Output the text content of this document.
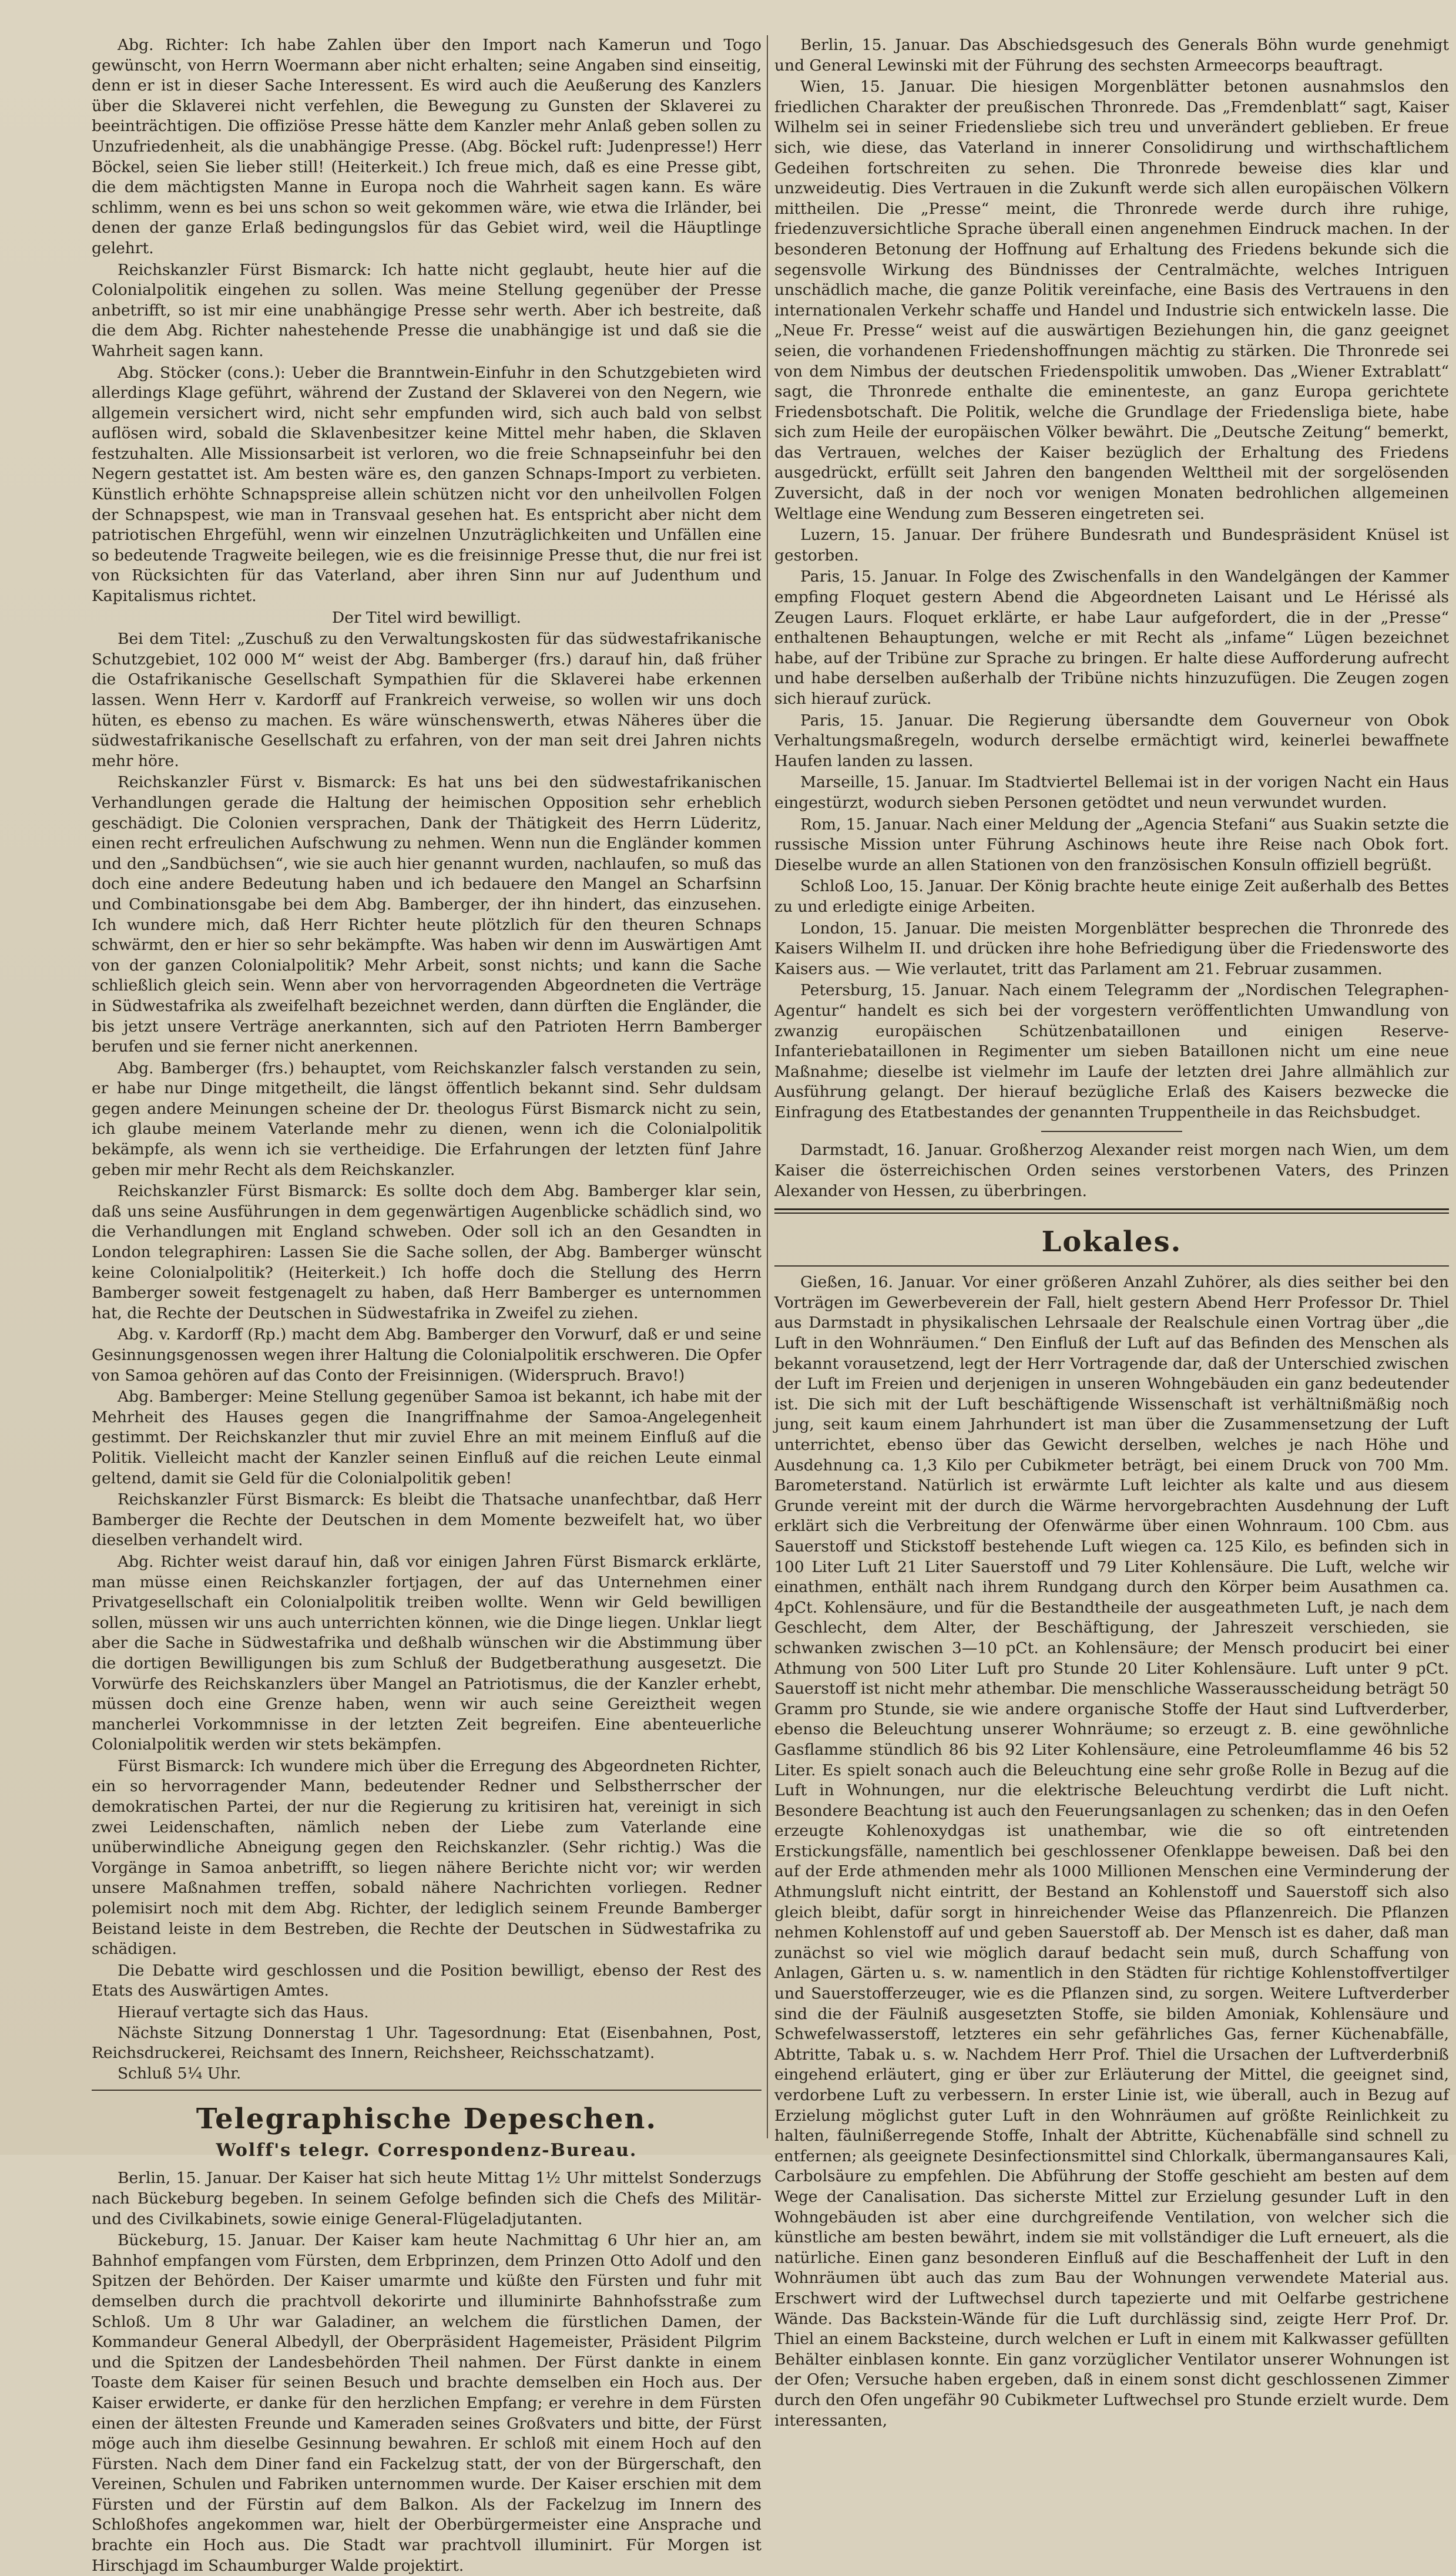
Abg. Richter: Ich habe Zahlen über den Import nach Kamerun und Togo gewünscht, von Herrn Woermann aber nicht erhalten; seine Angaben sind einseitig, denn er ist in dieser Sache Interessent. Es wird auch die Aeußerung des Kanzlers über die Sklaverei nicht verfehlen, die Bewegung zu Gunsten der Sklaverei zu beeinträchtigen. Die offiziöse Presse hätte dem Kanzler mehr Anlaß geben sollen zu Unzufriedenheit, als die unabhängige Presse. (Abg. Böckel ruft: Judenpresse!) Herr Böckel, seien Sie lieber still! (Heiterkeit.) Ich freue mich, daß es eine Presse gibt, die dem mächtigsten Manne in Europa noch die Wahrheit sagen kann. Es wäre schlimm, wenn es bei uns schon so weit gekommen wäre, wie etwa die Irländer, bei denen der ganze Erlaß bedingungslos für das Gebiet wird, weil die Häuptlinge gelehrt.

Reichskanzler Fürst Bismarck: Ich hatte nicht geglaubt, heute hier auf die Colonialpolitik eingehen zu sollen. Was meine Stellung gegenüber der Presse anbetrifft, so ist mir eine unabhängige Presse sehr werth. Aber ich bestreite, daß die dem Abg. Richter nahestehende Presse die unabhängige ist und daß sie die Wahrheit sagen kann.

Abg. Stöcker (cons.): Ueber die Branntwein-Einfuhr in den Schutzgebieten wird allerdings Klage geführt, während der Zustand der Sklaverei von den Negern, wie allgemein versichert wird, nicht sehr empfunden wird, sich auch bald von selbst auflösen wird, sobald die Sklavenbesitzer keine Mittel mehr haben, die Sklaven festzuhalten. Alle Missionsarbeit ist verloren, wo die freie Schnapseinfuhr bei den Negern gestattet ist. Am besten wäre es, den ganzen Schnaps-Import zu verbieten. Künstlich erhöhte Schnapspreise allein schützen nicht vor den unheilvollen Folgen der Schnapspest, wie man in Transvaal gesehen hat. Es entspricht aber nicht dem patriotischen Ehrgefühl, wenn wir einzelnen Unzuträglichkeiten und Unfällen eine so bedeutende Tragweite beilegen, wie es die freisinnige Presse thut, die nur frei ist von Rücksichten für das Vaterland, aber ihren Sinn nur auf Judenthum und Kapitalismus richtet.

Der Titel wird bewilligt.

Bei dem Titel: „Zuschuß zu den Verwaltungskosten für das südwestafrikanische Schutzgebiet, 102 000 M“ weist der Abg. Bamberger (frs.) darauf hin, daß früher die Ostafrikanische Gesellschaft Sympathien für die Sklaverei habe erkennen lassen. Wenn Herr v. Kardorff auf Frankreich verweise, so wollen wir uns doch hüten, es ebenso zu machen. Es wäre wünschenswerth, etwas Näheres über die südwestafrikanische Gesellschaft zu erfahren, von der man seit drei Jahren nichts mehr höre.

Reichskanzler Fürst v. Bismarck: Es hat uns bei den südwestafrikanischen Verhandlungen gerade die Haltung der heimischen Opposition sehr erheblich geschädigt. Die Colonien versprachen, Dank der Thätigkeit des Herrn Lüderitz, einen recht erfreulichen Aufschwung zu nehmen. Wenn nun die Engländer kommen und den „Sandbüchsen“, wie sie auch hier genannt wurden, nachlaufen, so muß das doch eine andere Bedeutung haben und ich bedauere den Mangel an Scharfsinn und Combinationsgabe bei dem Abg. Bamberger, der ihn hindert, das einzusehen. Ich wundere mich, daß Herr Richter heute plötzlich für den theuren Schnaps schwärmt, den er hier so sehr bekämpfte. Was haben wir denn im Auswärtigen Amt von der ganzen Colonialpolitik? Mehr Arbeit, sonst nichts; und kann die Sache schließlich gleich sein. Wenn aber von hervorragenden Abgeordneten die Verträge in Südwestafrika als zweifelhaft bezeichnet werden, dann dürften die Engländer, die bis jetzt unsere Verträge anerkannten, sich auf den Patrioten Herrn Bamberger berufen und sie ferner nicht anerkennen.

Abg. Bamberger (frs.) behauptet, vom Reichskanzler falsch verstanden zu sein, er habe nur Dinge mitgetheilt, die längst öffentlich bekannt sind. Sehr duldsam gegen andere Meinungen scheine der Dr. theologus Fürst Bismarck nicht zu sein, ich glaube meinem Vaterlande mehr zu dienen, wenn ich die Colonialpolitik bekämpfe, als wenn ich sie vertheidige. Die Erfahrungen der letzten fünf Jahre geben mir mehr Recht als dem Reichskanzler.

Reichskanzler Fürst Bismarck: Es sollte doch dem Abg. Bamberger klar sein, daß uns seine Ausführungen in dem gegenwärtigen Augenblicke schädlich sind, wo die Verhandlungen mit England schweben. Oder soll ich an den Gesandten in London telegraphiren: Lassen Sie die Sache sollen, der Abg. Bamberger wünscht keine Colonialpolitik? (Heiterkeit.) Ich hoffe doch die Stellung des Herrn Bamberger soweit festgenagelt zu haben, daß Herr Bamberger es unternommen hat, die Rechte der Deutschen in Südwestafrika in Zweifel zu ziehen.

Abg. v. Kardorff (Rp.) macht dem Abg. Bamberger den Vorwurf, daß er und seine Gesinnungsgenossen wegen ihrer Haltung die Colonialpolitik erschweren. Die Opfer von Samoa gehören auf das Conto der Freisinnigen. (Widerspruch. Bravo!)

Abg. Bamberger: Meine Stellung gegenüber Samoa ist bekannt, ich habe mit der Mehrheit des Hauses gegen die Inangriffnahme der Samoa-Angelegenheit gestimmt. Der Reichskanzler thut mir zuviel Ehre an mit meinem Einfluß auf die Politik. Vielleicht macht der Kanzler seinen Einfluß auf die reichen Leute einmal geltend, damit sie Geld für die Colonialpolitik geben!

Reichskanzler Fürst Bismarck: Es bleibt die Thatsache unanfechtbar, daß Herr Bamberger die Rechte der Deutschen in dem Momente bezweifelt hat, wo über dieselben verhandelt wird.

Abg. Richter weist darauf hin, daß vor einigen Jahren Fürst Bismarck erklärte, man müsse einen Reichskanzler fortjagen, der auf das Unternehmen einer Privatgesellschaft ein Colonialpolitik treiben wollte. Wenn wir Geld bewilligen sollen, müssen wir uns auch unterrichten können, wie die Dinge liegen. Unklar liegt aber die Sache in Südwestafrika und deßhalb wünschen wir die Abstimmung über die dortigen Bewilligungen bis zum Schluß der Budgetberathung ausgesetzt. Die Vorwürfe des Reichskanzlers über Mangel an Patriotismus, die der Kanzler erhebt, müssen doch eine Grenze haben, wenn wir auch seine Gereiztheit wegen mancherlei Vorkommnisse in der letzten Zeit begreifen. Eine abenteuerliche Colonialpolitik werden wir stets bekämpfen.

Fürst Bismarck: Ich wundere mich über die Erregung des Abgeordneten Richter, ein so hervorragender Mann, bedeutender Redner und Selbstherrscher der demokratischen Partei, der nur die Regierung zu kritisiren hat, vereinigt in sich zwei Leidenschaften, nämlich neben der Liebe zum Vaterlande eine unüberwindliche Abneigung gegen den Reichskanzler. (Sehr richtig.) Was die Vorgänge in Samoa anbetrifft, so liegen nähere Berichte nicht vor; wir werden unsere Maßnahmen treffen, sobald nähere Nachrichten vorliegen. Redner polemisirt noch mit dem Abg. Richter, der lediglich seinem Freunde Bamberger Beistand leiste in dem Bestreben, die Rechte der Deutschen in Südwestafrika zu schädigen.

Die Debatte wird geschlossen und die Position bewilligt, ebenso der Rest des Etats des Auswärtigen Amtes.

Hierauf vertagte sich das Haus.

Nächste Sitzung Donnerstag 1 Uhr. Tagesordnung: Etat (Eisenbahnen, Post, Reichsdruckerei, Reichsamt des Innern, Reichsheer, Reichsschatzamt).

Schluß 5¼ Uhr.

Telegraphische Depeschen.
Wolff's telegr. Correspondenz-Bureau.

Berlin, 15. Januar. Der Kaiser hat sich heute Mittag 1½ Uhr mittelst Sonderzugs nach Bückeburg begeben. In seinem Gefolge befinden sich die Chefs des Militär- und des Civilkabinets, sowie einige General-Flügeladjutanten.

Bückeburg, 15. Januar. Der Kaiser kam heute Nachmittag 6 Uhr hier an, am Bahnhof empfangen vom Fürsten, dem Erbprinzen, dem Prinzen Otto Adolf und den Spitzen der Behörden. Der Kaiser umarmte und küßte den Fürsten und fuhr mit demselben durch die prachtvoll dekorirte und illuminirte Bahnhofsstraße zum Schloß. Um 8 Uhr war Galadiner, an welchem die fürstlichen Damen, der Kommandeur General Albedyll, der Oberpräsident Hagemeister, Präsident Pilgrim und die Spitzen der Landesbehörden Theil nahmen. Der Fürst dankte in einem Toaste dem Kaiser für seinen Besuch und brachte demselben ein Hoch aus. Der Kaiser erwiderte, er danke für den herzlichen Empfang; er verehre in dem Fürsten einen der ältesten Freunde und Kameraden seines Großvaters und bitte, der Fürst möge auch ihm dieselbe Gesinnung bewahren. Er schloß mit einem Hoch auf den Fürsten. Nach dem Diner fand ein Fackelzug statt, der von der Bürgerschaft, den Vereinen, Schulen und Fabriken unternommen wurde. Der Kaiser erschien mit dem Fürsten und der Fürstin auf dem Balkon. Als der Fackelzug im Innern des Schloßhofes angekommen war, hielt der Oberbürgermeister eine Ansprache und brachte ein Hoch aus. Die Stadt war prachtvoll illuminirt. Für Morgen ist Hirschjagd im Schaumburger Walde projektirt.

Berlin, 15. Januar. Das Abschiedsgesuch des Generals Böhn wurde genehmigt und General Lewinski mit der Führung des sechsten Armeecorps beauftragt.

Wien, 15. Januar. Die hiesigen Morgenblätter betonen ausnahmslos den friedlichen Charakter der preußischen Thronrede. Das „Fremdenblatt“ sagt, Kaiser Wilhelm sei in seiner Friedensliebe sich treu und unverändert geblieben. Er freue sich, wie diese, das Vaterland in innerer Consolidirung und wirthschaftlichem Gedeihen fortschreiten zu sehen. Die Thronrede beweise dies klar und unzweideutig. Dies Vertrauen in die Zukunft werde sich allen europäischen Völkern mittheilen. Die „Presse“ meint, die Thronrede werde durch ihre ruhige, friedenzuversichtliche Sprache überall einen angenehmen Eindruck machen. In der besonderen Betonung der Hoffnung auf Erhaltung des Friedens bekunde sich die segensvolle Wirkung des Bündnisses der Centralmächte, welches Intriguen unschädlich mache, die ganze Politik vereinfache, eine Basis des Vertrauens in den internationalen Verkehr schaffe und Handel und Industrie sich entwickeln lasse. Die „Neue Fr. Presse“ weist auf die auswärtigen Beziehungen hin, die ganz geeignet seien, die vorhandenen Friedenshoffnungen mächtig zu stärken. Die Thronrede sei von dem Nimbus der deutschen Friedenspolitik umwoben. Das „Wiener Extrablatt“ sagt, die Thronrede enthalte die eminenteste, an ganz Europa gerichtete Friedensbotschaft. Die Politik, welche die Grundlage der Friedensliga biete, habe sich zum Heile der europäischen Völker bewährt. Die „Deutsche Zeitung“ bemerkt, das Vertrauen, welches der Kaiser bezüglich der Erhaltung des Friedens ausgedrückt, erfüllt seit Jahren den bangenden Welttheil mit der sorgelösenden Zuversicht, daß in der noch vor wenigen Monaten bedrohlichen allgemeinen Weltlage eine Wendung zum Besseren eingetreten sei.

Luzern, 15. Januar. Der frühere Bundesrath und Bundespräsident Knüsel ist gestorben.

Paris, 15. Januar. In Folge des Zwischenfalls in den Wandelgängen der Kammer empfing Floquet gestern Abend die Abgeordneten Laisant und Le Hérissé als Zeugen Laurs. Floquet erklärte, er habe Laur aufgefordert, die in der „Presse“ enthaltenen Behauptungen, welche er mit Recht als „infame“ Lügen bezeichnet habe, auf der Tribüne zur Sprache zu bringen. Er halte diese Aufforderung aufrecht und habe derselben außerhalb der Tribüne nichts hinzuzufügen. Die Zeugen zogen sich hierauf zurück.

Paris, 15. Januar. Die Regierung übersandte dem Gouverneur von Obok Verhaltungsmaßregeln, wodurch derselbe ermächtigt wird, keinerlei bewaffnete Haufen landen zu lassen.

Marseille, 15. Januar. Im Stadtviertel Bellemai ist in der vorigen Nacht ein Haus eingestürzt, wodurch sieben Personen getödtet und neun verwundet wurden.

Rom, 15. Januar. Nach einer Meldung der „Agencia Stefani“ aus Suakin setzte die russische Mission unter Führung Aschinows heute ihre Reise nach Obok fort. Dieselbe wurde an allen Stationen von den französischen Konsuln offiziell begrüßt.

Schloß Loo, 15. Januar. Der König brachte heute einige Zeit außerhalb des Bettes zu und erledigte einige Arbeiten.

London, 15. Januar. Die meisten Morgenblätter besprechen die Thronrede des Kaisers Wilhelm II. und drücken ihre hohe Befriedigung über die Friedensworte des Kaisers aus. — Wie verlautet, tritt das Parlament am 21. Februar zusammen.

Petersburg, 15. Januar. Nach einem Telegramm der „Nordischen Telegraphen-Agentur“ handelt es sich bei der vorgestern veröffentlichten Umwandlung von zwanzig europäischen Schützenbataillonen und einigen Reserve-Infanteriebataillonen in Regimenter um sieben Bataillonen nicht um eine neue Maßnahme; dieselbe ist vielmehr im Laufe der letzten drei Jahre allmählich zur Ausführung gelangt. Der hierauf bezügliche Erlaß des Kaisers bezwecke die Einfragung des Etatbestandes der genannten Truppentheile in das Reichsbudget.

Darmstadt, 16. Januar. Großherzog Alexander reist morgen nach Wien, um dem Kaiser die österreichischen Orden seines verstorbenen Vaters, des Prinzen Alexander von Hessen, zu überbringen.

Lokales.

Gießen, 16. Januar. Vor einer größeren Anzahl Zuhörer, als dies seither bei den Vorträgen im Gewerbeverein der Fall, hielt gestern Abend Herr Professor Dr. Thiel aus Darmstadt in physikalischen Lehrsaale der Realschule einen Vortrag über „die Luft in den Wohnräumen.“ Den Einfluß der Luft auf das Befinden des Menschen als bekannt vorausetzend, legt der Herr Vortragende dar, daß der Unterschied zwischen der Luft im Freien und derjenigen in unseren Wohngebäuden ein ganz bedeutender ist. Die sich mit der Luft beschäftigende Wissenschaft ist verhältnißmäßig noch jung, seit kaum einem Jahrhundert ist man über die Zusammensetzung der Luft unterrichtet, ebenso über das Gewicht derselben, welches je nach Höhe und Ausdehnung ca. 1,3 Kilo per Cubikmeter beträgt, bei einem Druck von 700 Mm. Barometerstand. Natürlich ist erwärmte Luft leichter als kalte und aus diesem Grunde vereint mit der durch die Wärme hervorgebrachten Ausdehnung der Luft erklärt sich die Verbreitung der Ofenwärme über einen Wohnraum. 100 Cbm. aus Sauerstoff und Stickstoff bestehende Luft wiegen ca. 125 Kilo, es befinden sich in 100 Liter Luft 21 Liter Sauerstoff und 79 Liter Kohlensäure. Die Luft, welche wir einathmen, enthält nach ihrem Rundgang durch den Körper beim Ausathmen ca. 4pCt. Kohlensäure, und für die Bestandtheile der ausgeathmeten Luft, je nach dem Geschlecht, dem Alter, der Beschäftigung, der Jahreszeit verschieden, sie schwanken zwischen 3—10 pCt. an Kohlensäure; der Mensch producirt bei einer Athmung von 500 Liter Luft pro Stunde 20 Liter Kohlensäure. Luft unter 9 pCt. Sauerstoff ist nicht mehr athembar. Die menschliche Wasserausscheidung beträgt 50 Gramm pro Stunde, sie wie andere organische Stoffe der Haut sind Luftverderber, ebenso die Beleuchtung unserer Wohnräume; so erzeugt z. B. eine gewöhnliche Gasflamme stündlich 86 bis 92 Liter Kohlensäure, eine Petroleumflamme 46 bis 52 Liter. Es spielt sonach auch die Beleuchtung eine sehr große Rolle in Bezug auf die Luft in Wohnungen, nur die elektrische Beleuchtung verdirbt die Luft nicht. Besondere Beachtung ist auch den Feuerungsanlagen zu schenken; das in den Oefen erzeugte Kohlenoxydgas ist unathembar, wie die so oft eintretenden Erstickungsfälle, namentlich bei geschlossener Ofenklappe beweisen. Daß bei den auf der Erde athmenden mehr als 1000 Millionen Menschen eine Verminderung der Athmungsluft nicht eintritt, der Bestand an Kohlenstoff und Sauerstoff sich also gleich bleibt, dafür sorgt in hinreichender Weise das Pflanzenreich. Die Pflanzen nehmen Kohlenstoff auf und geben Sauerstoff ab. Der Mensch ist es daher, daß man zunächst so viel wie möglich darauf bedacht sein muß, durch Schaffung von Anlagen, Gärten u. s. w. namentlich in den Städten für richtige Kohlenstoffvertilger und Sauerstofferzeuger, wie es die Pflanzen sind, zu sorgen. Weitere Luftverderber sind die der Fäulniß ausgesetzten Stoffe, sie bilden Amoniak, Kohlensäure und Schwefelwasserstoff, letzteres ein sehr gefährliches Gas, ferner Küchenabfälle, Abtritte, Tabak u. s. w. Nachdem Herr Prof. Thiel die Ursachen der Luftverderbniß eingehend erläutert, ging er über zur Erläuterung der Mittel, die geeignet sind, verdorbene Luft zu verbessern. In erster Linie ist, wie überall, auch in Bezug auf Erzielung möglichst guter Luft in den Wohnräumen auf größte Reinlichkeit zu halten, fäulnißerregende Stoffe, Inhalt der Abtritte, Küchenabfälle sind schnell zu entfernen; als geeignete Desinfectionsmittel sind Chlorkalk, übermangansaures Kali, Carbolsäure zu empfehlen. Die Abführung der Stoffe geschieht am besten auf dem Wege der Canalisation. Das sicherste Mittel zur Erzielung gesunder Luft in den Wohngebäuden ist aber eine durchgreifende Ventilation, von welcher sich die künstliche am besten bewährt, indem sie mit vollständiger die Luft erneuert, als die natürliche. Einen ganz besonderen Einfluß auf die Beschaffenheit der Luft in den Wohnräumen übt auch das zum Bau der Wohnungen verwendete Material aus. Erschwert wird der Luftwechsel durch tapezierte und mit Oelfarbe gestrichene Wände. Das Backstein-Wände für die Luft durchlässig sind, zeigte Herr Prof. Dr. Thiel an einem Backsteine, durch welchen er Luft in einem mit Kalkwasser gefüllten Behälter einblasen konnte. Ein ganz vorzüglicher Ventilator unserer Wohnungen ist der Ofen; Versuche haben ergeben, daß in einem sonst dicht geschlossenen Zimmer durch den Ofen ungefähr 90 Cubikmeter Luftwechsel pro Stunde erzielt wurde. Dem interessanten,
